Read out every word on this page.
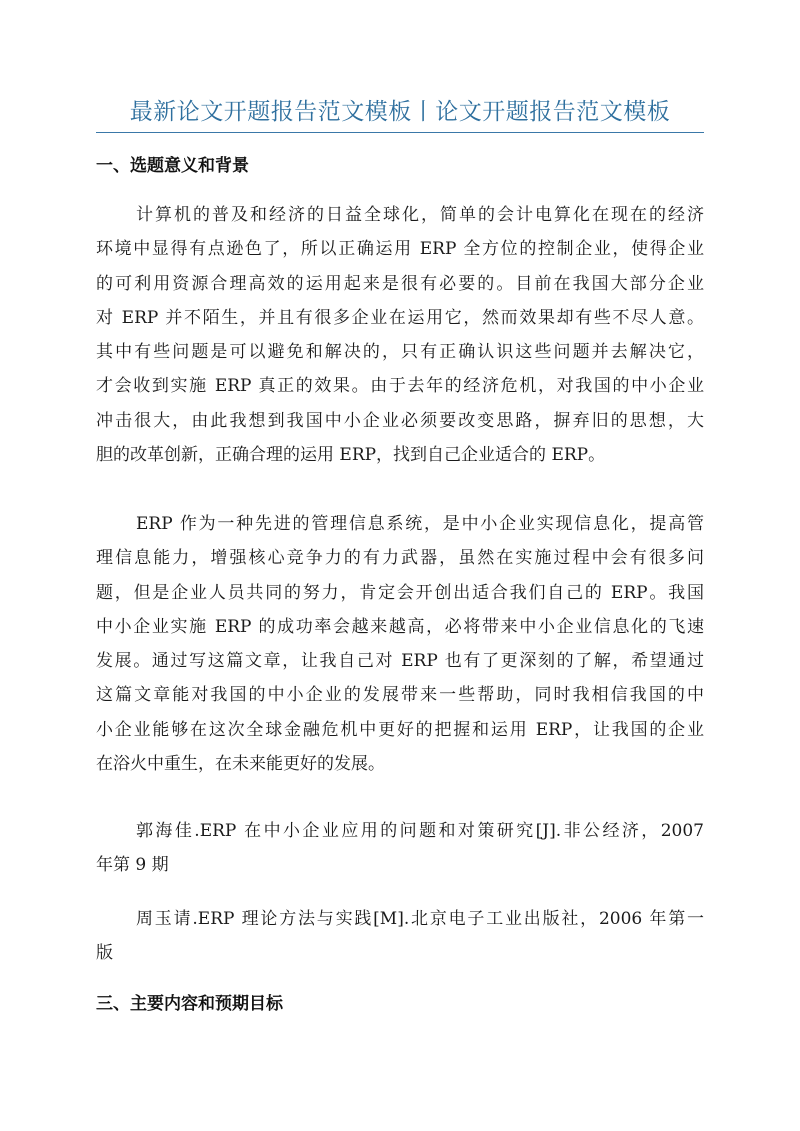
最新论文开题报告范文模板丨论文开题报告范文模板
一、选题意义和背景
计算机的普及和经济的日益全球化，简单的会计电算化在现在的经济
环境中显得有点逊色了，所以正确运用 ERP 全方位的控制企业，使得企业
的可利用资源合理高效的运用起来是很有必要的。目前在我国大部分企业
对 ERP 并不陌生，并且有很多企业在运用它，然而效果却有些不尽人意。
其中有些问题是可以避免和解决的，只有正确认识这些问题并去解决它，
才会收到实施 ERP 真正的效果。由于去年的经济危机，对我国的中小企业
冲击很大，由此我想到我国中小企业必须要改变思路，摒弃旧的思想，大
胆的改革创新，正确合理的运用 ERP，找到自己企业适合的 ERP。
ERP 作为一种先进的管理信息系统，是中小企业实现信息化，提高管
理信息能力，增强核心竞争力的有力武器，虽然在实施过程中会有很多问
题，但是企业人员共同的努力，肯定会开创出适合我们自己的 ERP。我国
中小企业实施 ERP 的成功率会越来越高，必将带来中小企业信息化的飞速
发展。通过写这篇文章，让我自己对 ERP 也有了更深刻的了解，希望通过
这篇文章能对我国的中小企业的发展带来一些帮助，同时我相信我国的中
小企业能够在这次全球金融危机中更好的把握和运用 ERP，让我国的企业
在浴火中重生，在未来能更好的发展。
郭海佳.ERP 在中小企业应用的问题和对策研究[J].非公经济，2007
年第 9 期
周玉请.ERP 理论方法与实践[M].北京电子工业出版社，2006 年第一
版
三、主要内容和预期目标
